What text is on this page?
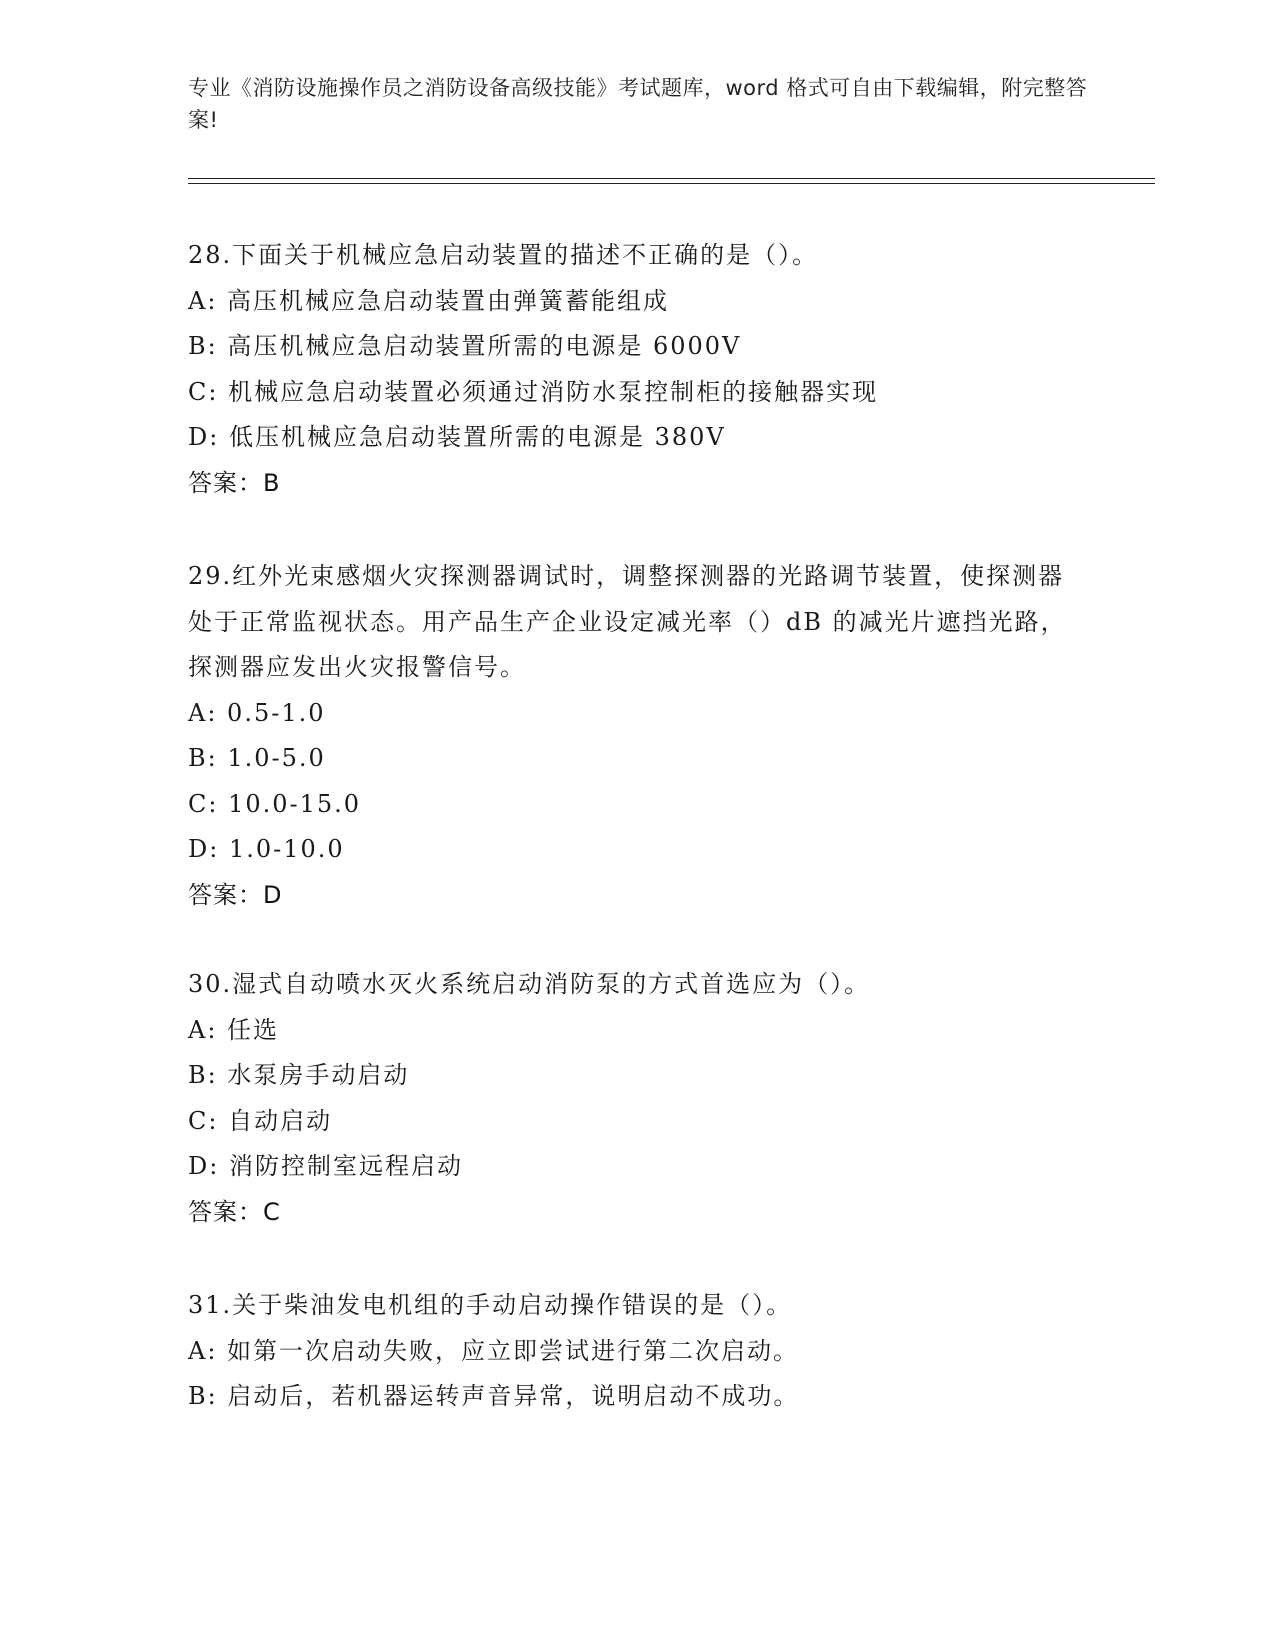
专业《消防设施操作员之消防设备高级技能》考试题库，word 格式可自由下载编辑，附完整答案!
28.下面关于机械应急启动装置的描述不正确的是（）。
A: 高压机械应急启动装置由弹簧蓄能组成
B: 高压机械应急启动装置所需的电源是 6000V
C: 机械应急启动装置必须通过消防水泵控制柜的接触器实现
D: 低压机械应急启动装置所需的电源是 380V
答案：B
29.红外光束感烟火灾探测器调试时，调整探测器的光路调节装置，使探测器处于正常监视状态。用产品生产企业设定减光率（）dB 的减光片遮挡光路，探测器应发出火灾报警信号。
A: 0.5-1.0
B: 1.0-5.0
C: 10.0-15.0
D: 1.0-10.0
答案：D
30.湿式自动喷水灭火系统启动消防泵的方式首选应为（）。
A: 任选
B: 水泵房手动启动
C: 自动启动
D: 消防控制室远程启动
答案：C
31.关于柴油发电机组的手动启动操作错误的是（）。
A: 如第一次启动失败，应立即尝试进行第二次启动。
B: 启动后，若机器运转声音异常，说明启动不成功。
